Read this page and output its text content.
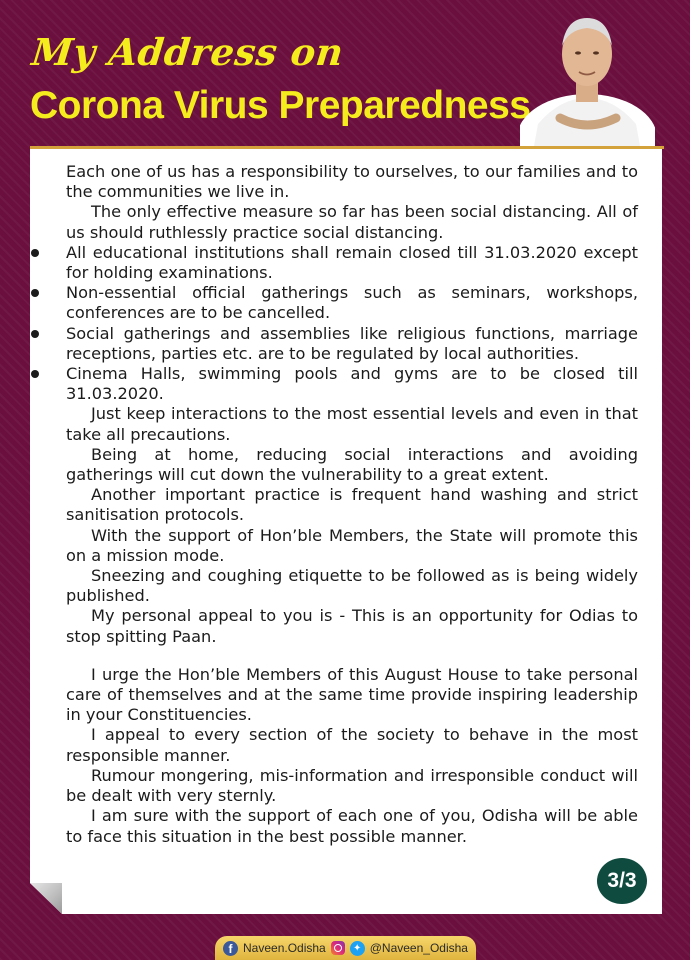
My Address on
Corona Virus Preparedness

Each one of us has a responsibility to ourselves, to our families and to the communities we live in.

The only effective measure so far has been social distancing. All of us should ruthlessly practice social distancing.

All educational institutions shall remain closed till 31.03.2020 except for holding examinations.
Non-essential official gatherings such as seminars, workshops, conferences are to be cancelled.
Social gatherings and assemblies like religious functions, marriage receptions, parties etc. are to be regulated by local authorities.
Cinema Halls, swimming pools and gyms are to be closed till 31.03.2020.

Just keep interactions to the most essential levels and even in that take all precautions.

Being at home, reducing social interactions and avoiding gatherings will cut down the vulnerability to a great extent.

Another important practice is frequent hand washing and strict sanitisation protocols.

With the support of Hon’ble Members, the State will promote this on a mission mode.

Sneezing and coughing etiquette to be followed as is being widely published.

My personal appeal to you is - This is an opportunity for Odias to stop spitting Paan.

I urge the Hon’ble Members of this August House to take personal care of themselves and at the same time provide inspiring leadership in your Constituencies.

I appeal to every section of the society to behave in the most responsible manner.

Rumour mongering, mis-information and irresponsible conduct will be dealt with very sternly.

I am sure with the support of each one of you, Odisha will be able to face this situation in the best possible manner.

3/3
f Naveen.Odisha	✦ @Naveen_Odisha
